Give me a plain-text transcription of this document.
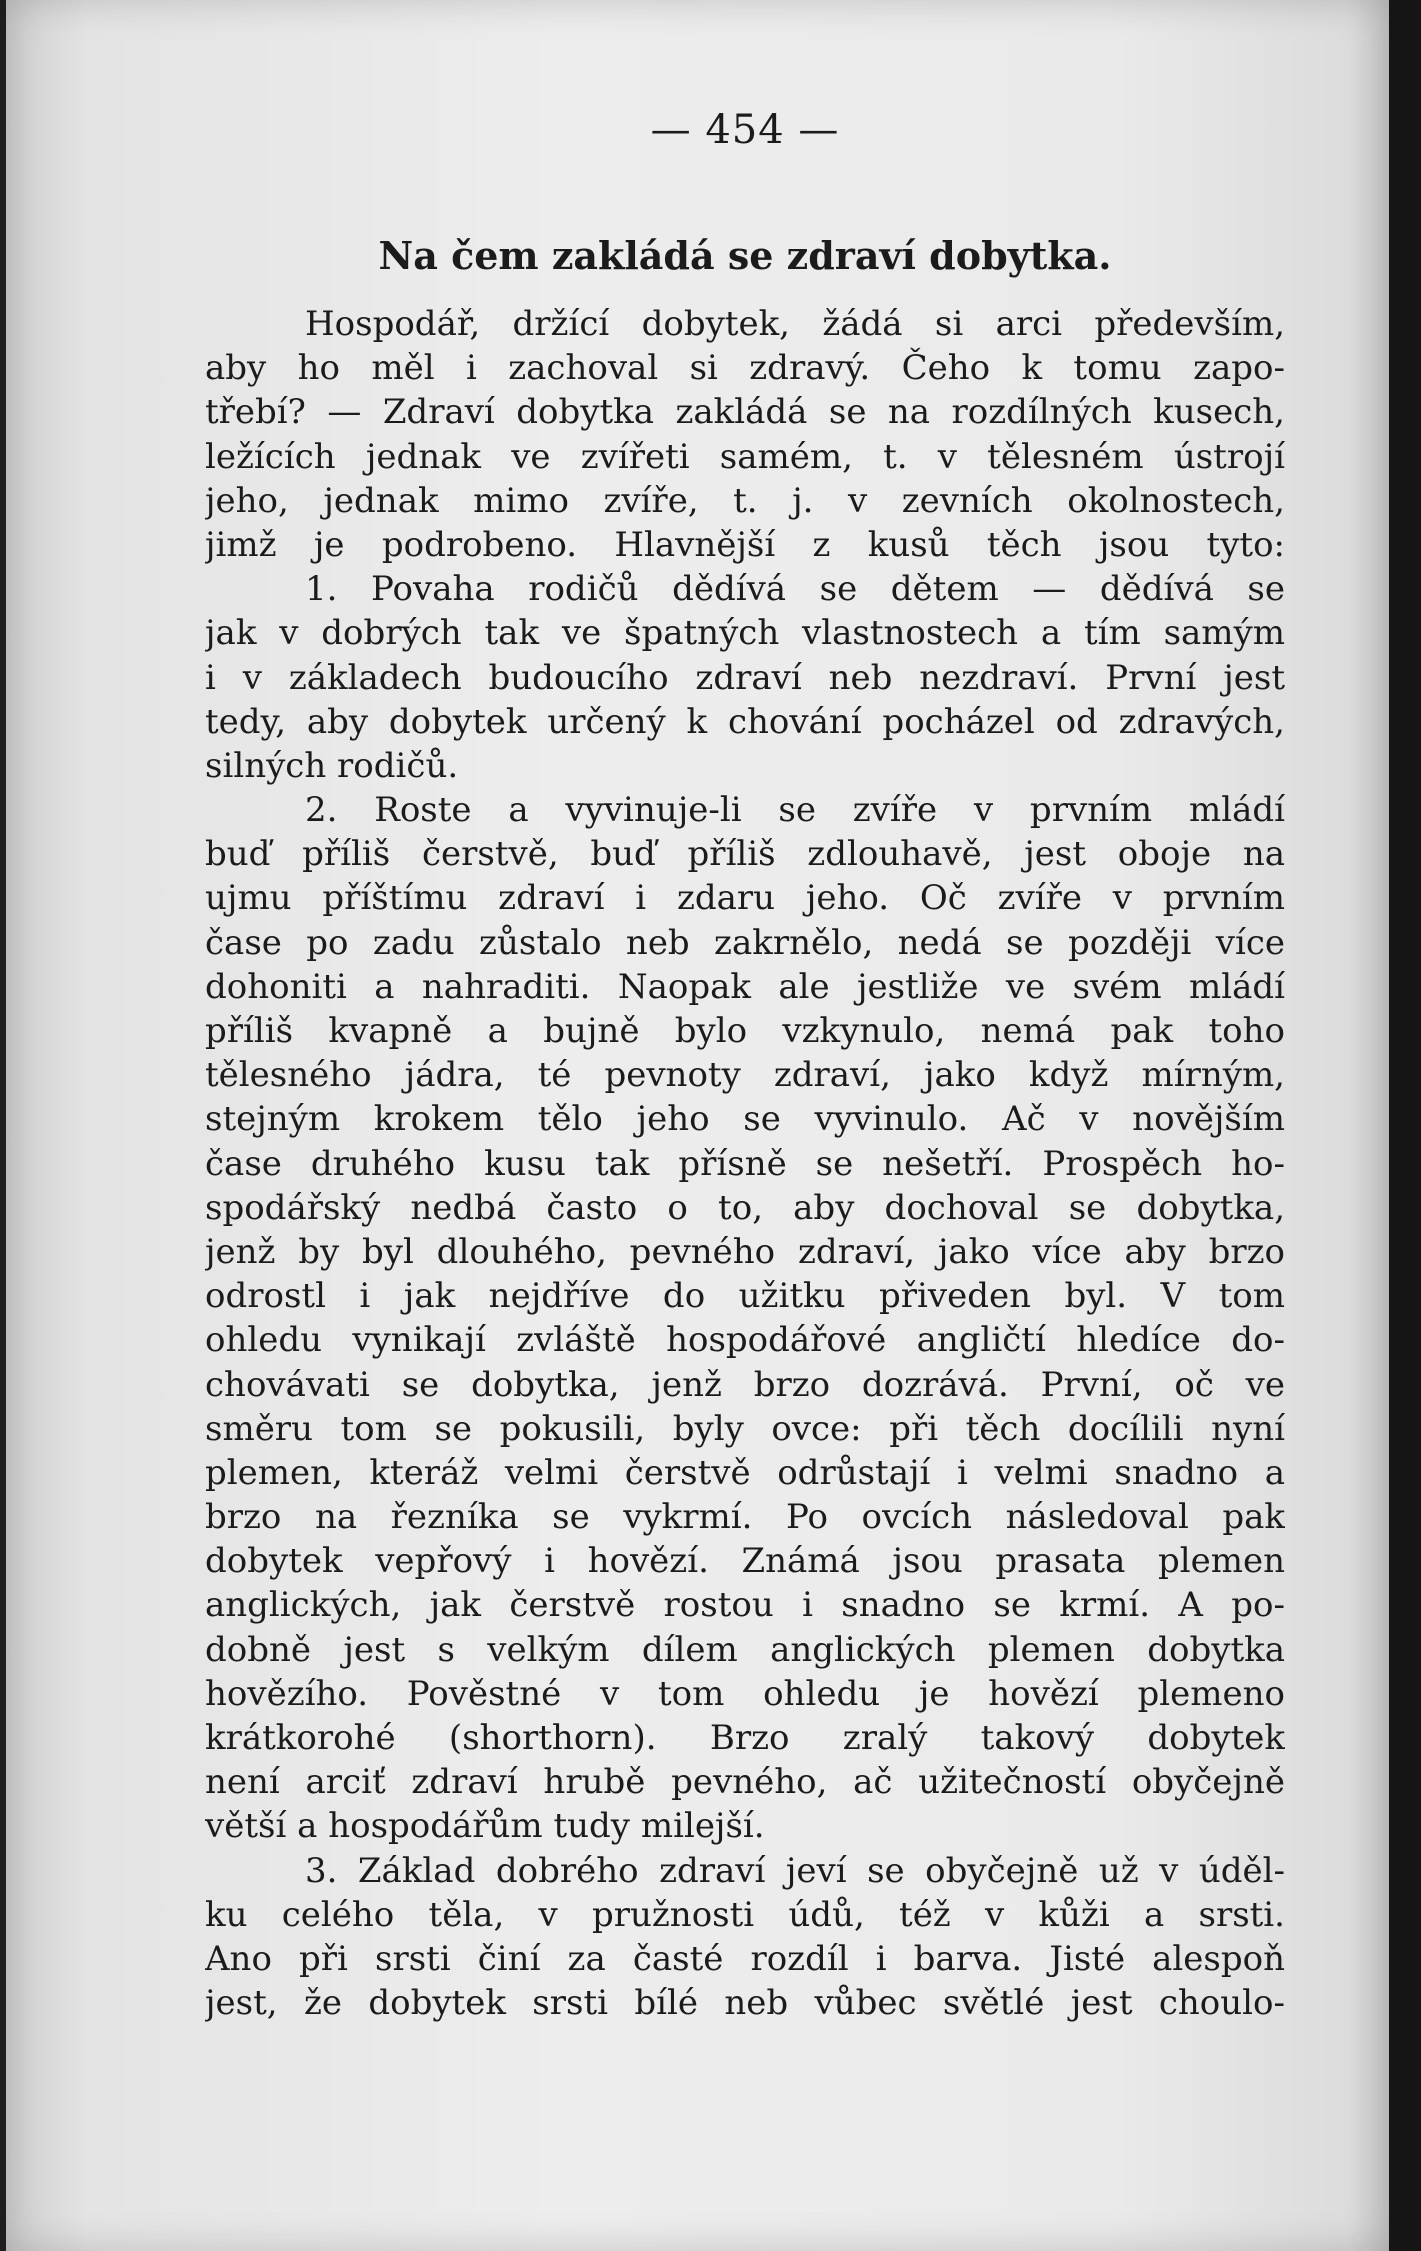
— 454 —
Na čem zakládá se zdraví dobytka.
Hospodář, držící dobytek, žádá si arci především,
aby ho měl i zachoval si zdravý. Čeho k tomu zapo-
třebí? — Zdraví dobytka zakládá se na rozdílných kusech,
ležících jednak ve zvířeti samém, t. v tělesném ústrojí
jeho, jednak mimo zvíře, t. j. v zevních okolnostech,
jimž je podrobeno. Hlavnější z kusů těch jsou tyto:
1. Povaha rodičů dědívá se dětem — dědívá se
jak v dobrých tak ve špatných vlastnostech a tím samým
i v základech budoucího zdraví neb nezdraví. První jest
tedy, aby dobytek určený k chování pocházel od zdravých,
silných rodičů.
2. Roste a vyvinuje-li se zvíře v prvním mládí
buď příliš čerstvě, buď příliš zdlouhavě, jest oboje na
ujmu příštímu zdraví i zdaru jeho. Oč zvíře v prvním
čase po zadu zůstalo neb zakrnělo, nedá se později více
dohoniti a nahraditi. Naopak ale jestliže ve svém mládí
příliš kvapně a bujně bylo vzkynulo, nemá pak toho
tělesného jádra, té pevnoty zdraví, jako když mírným,
stejným krokem tělo jeho se vyvinulo. Ač v novějším
čase druhého kusu tak přísně se nešetří. Prospěch ho-
spodářský nedbá často o to, aby dochoval se dobytka,
jenž by byl dlouhého, pevného zdraví, jako více aby brzo
odrostl i jak nejdříve do užitku přiveden byl. V tom
ohledu vynikají zvláště hospodářové angličtí hledíce do-
chovávati se dobytka, jenž brzo dozrává. První, oč ve
směru tom se pokusili, byly ovce: při těch docílili nyní
plemen, kteráž velmi čerstvě odrůstají i velmi snadno a
brzo na řezníka se vykrmí. Po ovcích následoval pak
dobytek vepřový i hovězí. Známá jsou prasata plemen
anglických, jak čerstvě rostou i snadno se krmí. A po-
dobně jest s velkým dílem anglických plemen dobytka
hovězího. Pověstné v tom ohledu je hovězí plemeno
krátkorohé (shorthorn). Brzo zralý takový dobytek
není arciť zdraví hrubě pevného, ač užitečností obyčejně
větší a hospodářům tudy milejší.
3. Základ dobrého zdraví jeví se obyčejně už v úděl-
ku celého těla, v pružnosti údů, též v kůži a srsti.
Ano při srsti činí za časté rozdíl i barva. Jisté alespoň
jest, že dobytek srsti bílé neb vůbec světlé jest choulo-
